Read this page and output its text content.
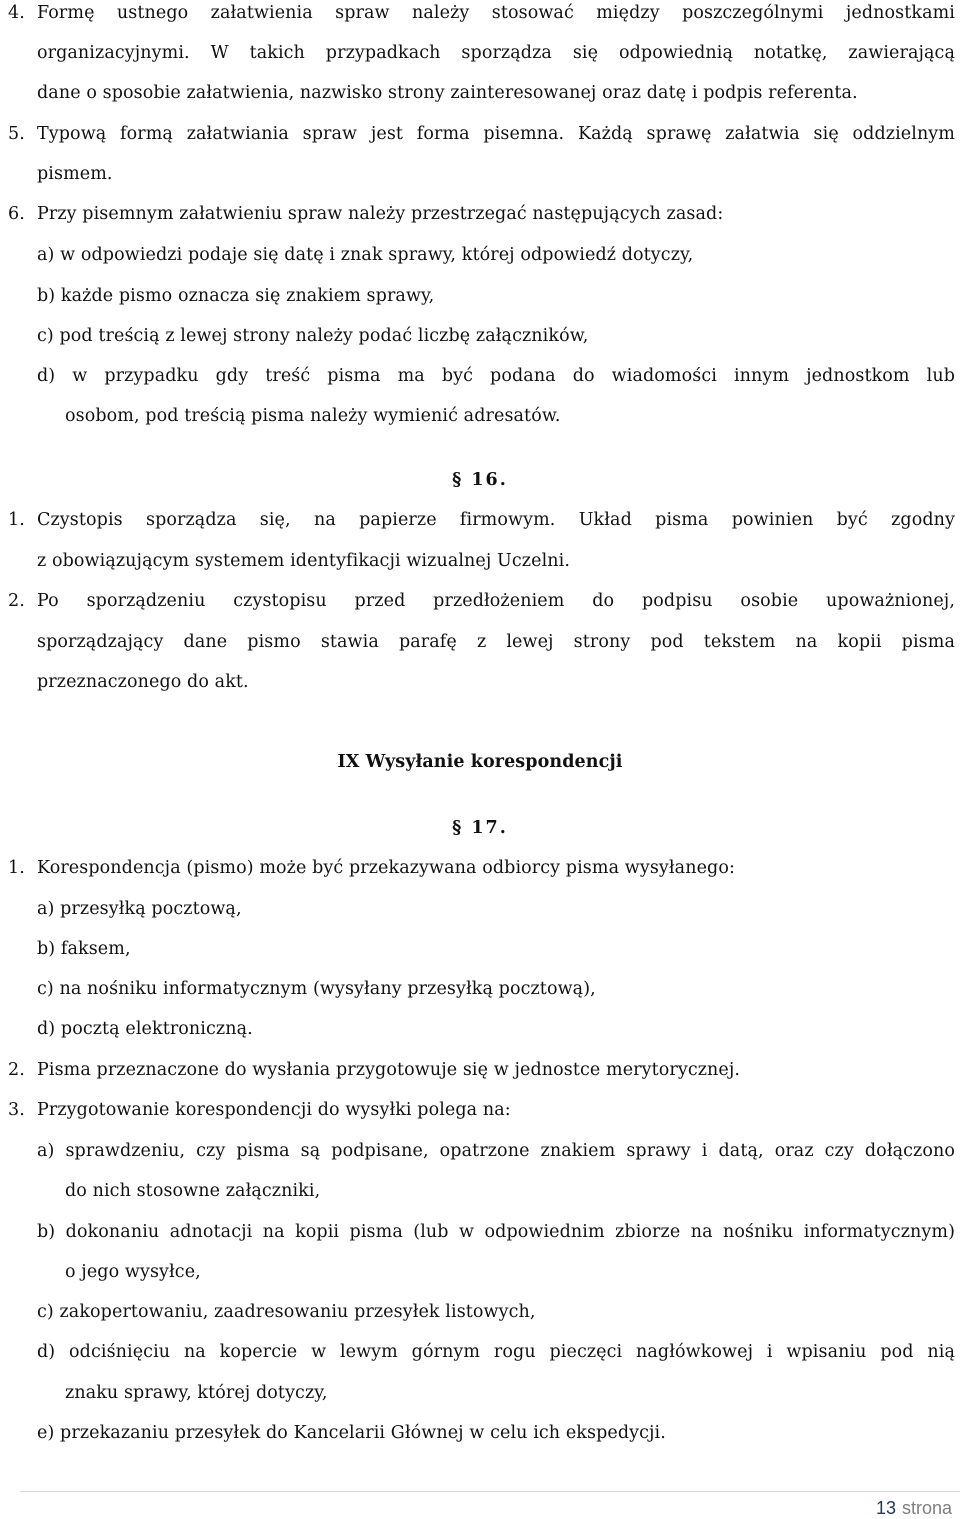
4. Formę ustnego załatwienia spraw należy stosować między poszczególnymi jednostkami
organizacyjnymi. W takich przypadkach sporządza się odpowiednią notatkę, zawierającą
dane o sposobie załatwienia, nazwisko strony zainteresowanej oraz datę i podpis referenta.
5. Typową formą załatwiania spraw jest forma pisemna. Każdą sprawę załatwia się oddzielnym
pismem.
6. Przy pisemnym załatwieniu spraw należy przestrzegać następujących zasad:
a) w odpowiedzi podaje się datę i znak sprawy, której odpowiedź dotyczy,
b) każde pismo oznacza się znakiem sprawy,
c) pod treścią z lewej strony należy podać liczbę załączników,
d) w przypadku gdy treść pisma ma być podana do wiadomości innym jednostkom lub
osobom, pod treścią pisma należy wymienić adresatów.
§ 16.
1. Czystopis sporządza się, na papierze firmowym. Układ pisma powinien być zgodny
z obowiązującym systemem identyfikacji wizualnej Uczelni.
2. Po sporządzeniu czystopisu przed przedłożeniem do podpisu osobie upoważnionej,
sporządzający dane pismo stawia parafę z lewej strony pod tekstem na kopii pisma
przeznaczonego do akt.
IX Wysyłanie korespondencji
§ 17.
1. Korespondencja (pismo) może być przekazywana odbiorcy pisma wysyłanego:
a) przesyłką pocztową,
b) faksem,
c) na nośniku informatycznym (wysyłany przesyłką pocztową),
d) pocztą elektroniczną.
2. Pisma przeznaczone do wysłania przygotowuje się w jednostce merytorycznej.
3. Przygotowanie korespondencji do wysyłki polega na:
a) sprawdzeniu, czy pisma są podpisane, opatrzone znakiem sprawy i datą, oraz czy dołączono
do nich stosowne załączniki,
b) dokonaniu adnotacji na kopii pisma (lub w odpowiednim zbiorze na nośniku informatycznym)
o jego wysyłce,
c) zakopertowaniu, zaadresowaniu przesyłek listowych,
d) odciśnięciu na kopercie w lewym górnym rogu pieczęci nagłówkowej i wpisaniu pod nią
znaku sprawy, której dotyczy,
e) przekazaniu przesyłek do Kancelarii Głównej w celu ich ekspedycji.
13 strona
